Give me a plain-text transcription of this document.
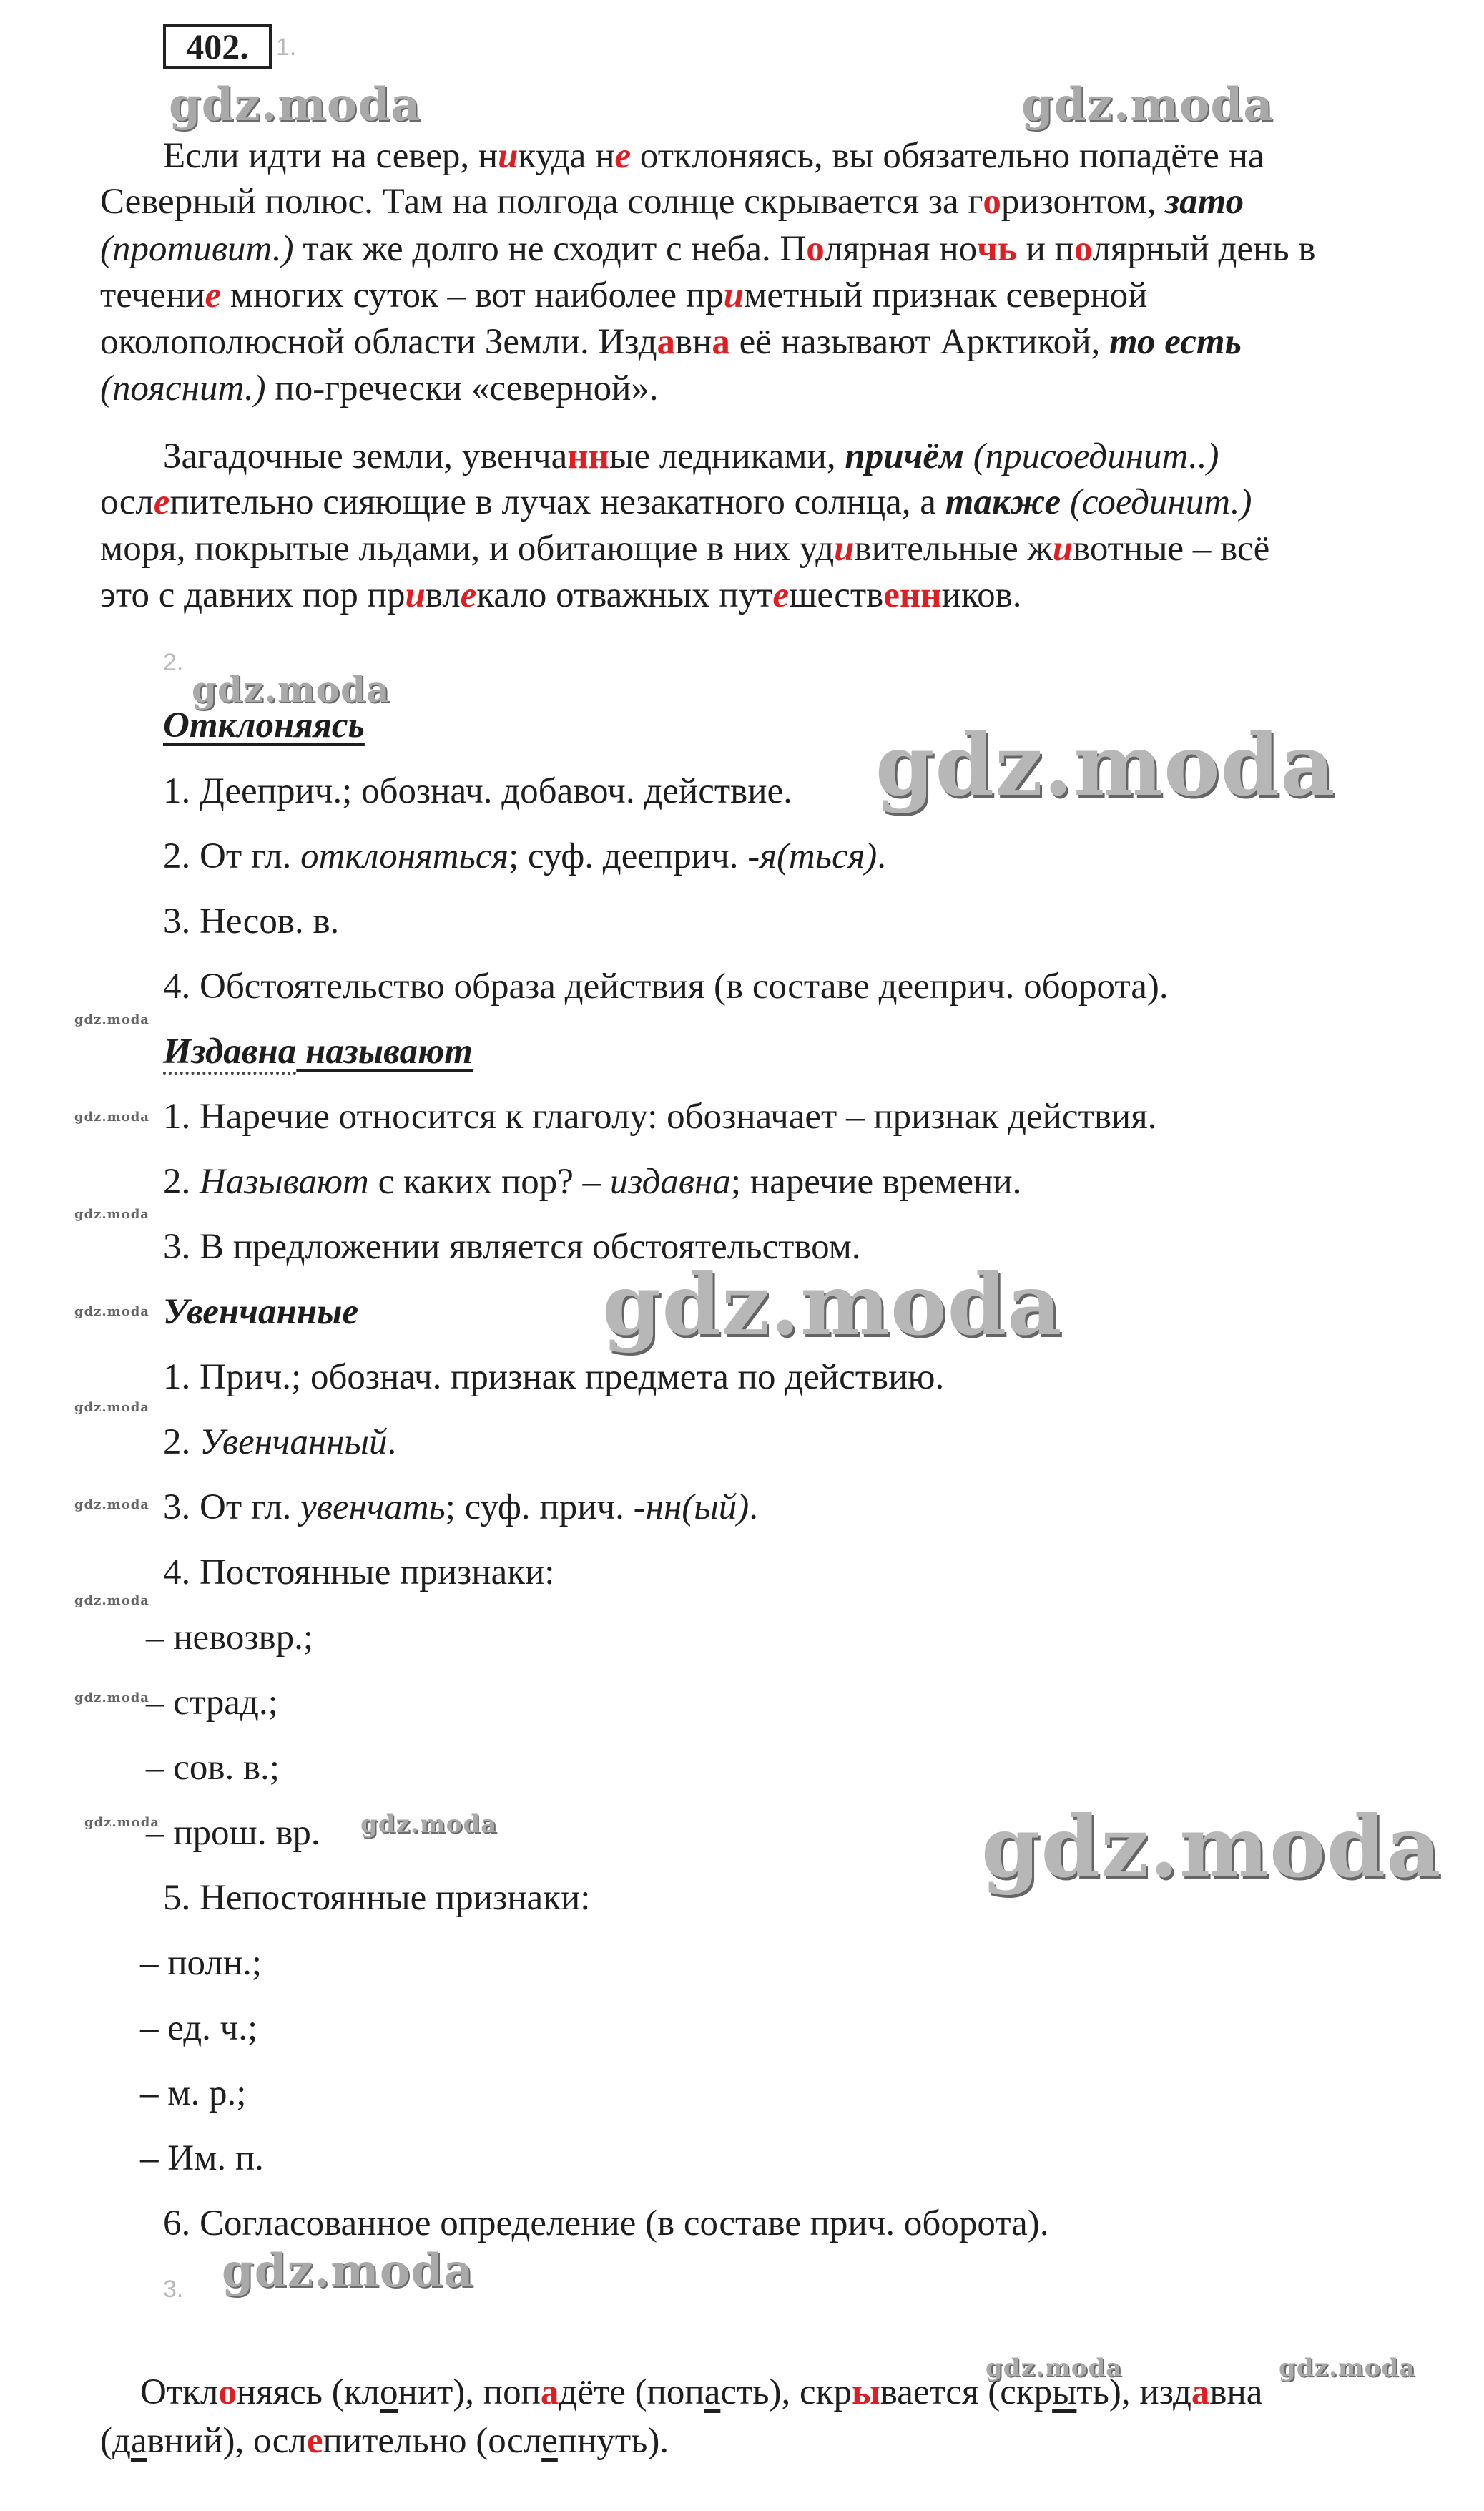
402.	1.
Если идти на север, никуда не отклоняясь, вы обязательно попадёте на
Северный полюс. Там на полгода солнце скрывается за горизонтом, зато
(противит.) так же долго не сходит с неба. Полярная ночь и полярный день в
течение многих суток – вот наиболее приметный признак северной
околополюсной области Земли. Издавна её называют Арктикой, то есть
(пояснит.) по-гречески «северной».
Загадочные земли, увенчанные ледниками, причём (присоединит..)
ослепительно сияющие в лучах незакатного солнца, а также (соединит.)
моря, покрытые льдами, и обитающие в них удивительные животные – всё
это с давних пор привлекало отважных путешественников.
2.
Отклоняясь
1. Дееприч.; обознач. добавоч. действие.
2. От гл. отклоняться; суф. дееприч. -я(ться).
3. Несов. в.
4. Обстоятельство образа действия (в составе дееприч. оборота).
Издавна называют
1. Наречие относится к глаголу: обозначает – признак действия.
2. Называют с каких пор? – издавна; наречие времени.
3. В предложении является обстоятельством.
Увенчанные
1. Прич.; обознач. признак предмета по действию.
2. Увенчанный.
3. От гл. увенчать; суф. прич. -нн(ый).
4. Постоянные признаки:
– невозвр.;
– страд.;
– сов. в.;
– прош. вр.
5. Непостоянные признаки:
– полн.;
– ед. ч.;
– м. р.;
– Им. п.
6. Согласованное определение (в составе прич. оборота).
3.
Отклоняясь (клонит), попадёте (попасть), скрывается (скрыть), издавна
(давний), ослепительно (ослепнуть).
gdz.moda	gdz.moda
gdz.moda
gdz.moda
gdz.moda
gdz.moda
gdz.moda
gdz.moda
gdz.moda	gdz.moda
gdz.moda
gdz.moda
gdz.moda
gdz.moda
gdz.moda
gdz.moda
gdz.moda
gdz.moda
gdz.moda
